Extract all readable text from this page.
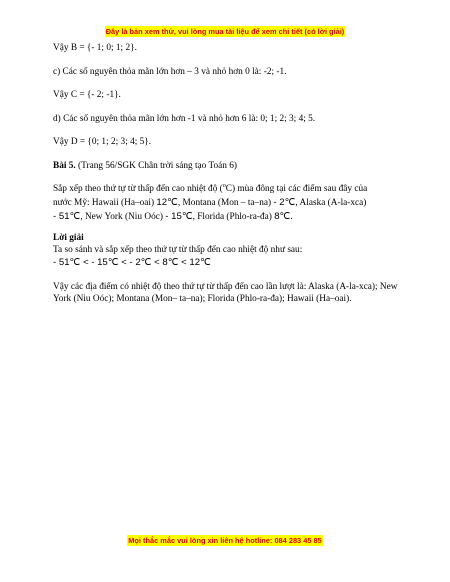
Đây là bản xem thử, vui lòng mua tài liệu để xem chi tiết (có lời giải)
Vậy B = {- 1; 0; 1; 2}.
c) Các số nguyên thỏa mãn lớn hơn – 3 và nhỏ hơn 0 là: -2; -1.
Vậy C = {- 2; -1}.
d) Các số nguyên thỏa mãn lớn hơn -1 và nhỏ hơn 6 là: 0; 1; 2; 3; 4; 5.
Vậy D = {0; 1; 2; 3; 4; 5}.
Bài 5. (Trang 56/SGK Chân trời sáng tạo Toán 6)
Sắp xếp theo thứ tự từ thấp đến cao nhiệt độ ($^o$C) mùa đông tại các điểm sau đây của
nước Mỹ: Hawaii (Ha–oai) 12℃, Montana (Mon – ta–na) - 2℃, Alaska (A-la-xca)
- 51℃, New York (Niu Oóc) - 15℃, Florida (Phlo-ra-đa) 8℃.
Lời giải
Ta so sánh và sắp xếp theo thứ tự từ thấp đến cao nhiệt độ như sau:
- 51℃ < - 15℃ < - 2℃ < 8℃ < 12℃
Vậy các địa điểm có nhiệt độ theo thứ tự từ thấp đến cao lần lượt là: Alaska (A-la-xca); New York (Niu Oóc); Montana (Mon– ta–na); Florida (Phlo-ra-đa); Hawaii (Ha–oai).
Mọi thắc mắc vui lòng xin liên hệ hotline: 084 283 45 85
